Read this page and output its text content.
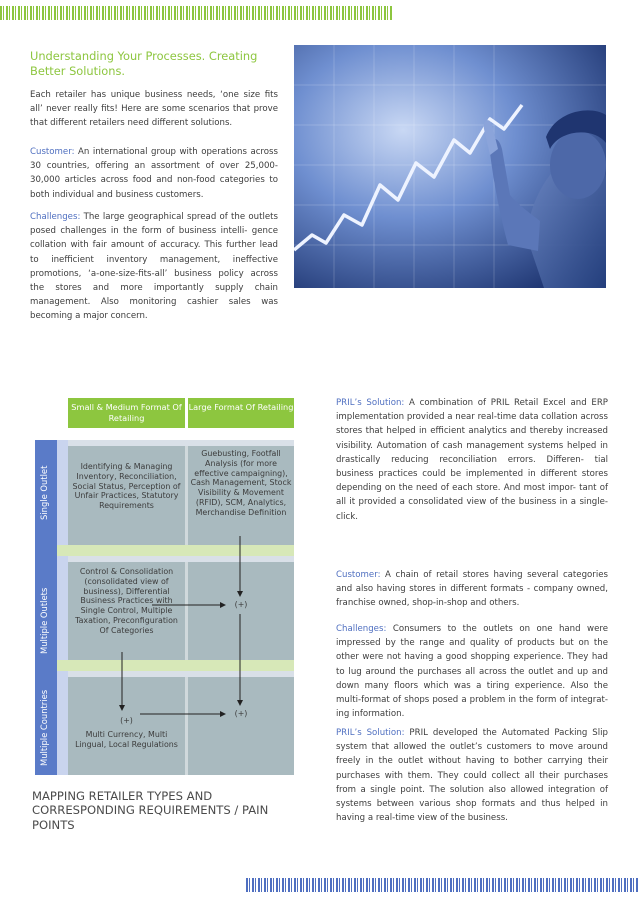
Understanding Your Processes. Creating Better Solutions.

Each retailer has unique business needs, ‘one size fits all’ never really fits! Here are some scenarios that prove that different retailers need different solutions.

Customer: An international group with operations across 30 countries, offering an assortment of over 25,000-30,000 articles across food and non-food categories to both individual and business customers.

Challenges: The large geographical spread of the outlets posed challenges in the form of business intelli- gence collation with fair amount of accuracy. This further lead to inefficient inventory management, ineffective promotions, ‘a-one-size-fits-all’ business policy across the stores and more importantly supply chain management. Also monitoring cashier sales was becoming a major concern.

Small & Medium Format Of Retailing
Large Format Of Retailing
Single Outlet
Multiple Outlets
Multiple Countries
Identifying & Managing Inventory, Reconciliation, Social Status, Perception of Unfair Practices, Statutory Requirements
Guebusting, Footfall Analysis (for more effective campaigning), Cash Management, Stock Visibility & Movement (RFID), SCM, Analytics, Merchandise Definition
Control & Consolidation (consolidated view of business), Differential Business Practices with Single Control, Multiple Taxation, Preconfiguration Of Categories
(+)
(+)
(+)
Multi Currency, Multi Lingual, Local Regulations
MAPPING RETAILER TYPES AND CORRESPONDING REQUIREMENTS / PAIN POINTS

PRIL’s Solution: A combination of PRIL Retail Excel and ERP implementation provided a near real-time data collation across stores that helped in efficient analytics and thereby increased visibility. Automation of cash management systems helped in drastically reducing reconciliation errors. Differen- tial business practices could be implemented in different stores depending on the need of each store. And most impor- tant of all it provided a consolidated view of the business in a single-click.

Customer: A chain of retail stores having several categories and also having stores in different formats - company owned, franchise owned, shop-in-shop and others.

Challenges: Consumers to the outlets on one hand were impressed by the range and quality of products but on the other were not having a good shopping experience. They had to lug around the purchases all across the outlet and up and down many floors which was a tiring experience. Also the multi-format of shops posed a problem in the form of integrat- ing information.

PRIL’s Solution: PRIL developed the Automated Packing Slip system that allowed the outlet’s customers to move around freely in the outlet without having to bother carrying their purchases with them. They could collect all their purchases from a single point. The solution also allowed integration of systems between various shop formats and thus helped in having a real-time view of the business.
